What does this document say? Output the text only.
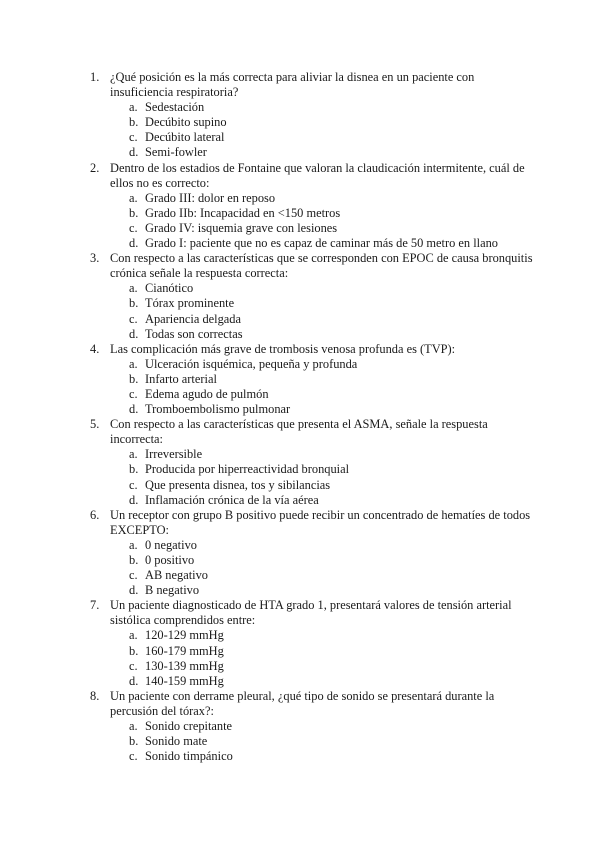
1. ¿Qué posición es la más correcta para aliviar la disnea en un paciente con insuficiencia respiratoria?
a. Sedestación
b. Decúbito supino
c. Decúbito lateral
d. Semi-fowler
2. Dentro de los estadios de Fontaine que valoran la claudicación intermitente, cuál de ellos no es correcto:
a. Grado III: dolor en reposo
b. Grado IIb: Incapacidad en <150 metros
c. Grado IV: isquemia grave con lesiones
d. Grado I: paciente que no es capaz de caminar más de 50 metro en llano
3. Con respecto a las características que se corresponden con EPOC de causa bronquitis crónica señale la respuesta correcta:
a. Cianótico
b. Tórax prominente
c. Apariencia delgada
d. Todas son correctas
4. Las complicación más grave de trombosis venosa profunda es (TVP):
a. Ulceración isquémica, pequeña y profunda
b. Infarto arterial
c. Edema agudo de pulmón
d. Tromboembolismo pulmonar
5. Con respecto a las características que presenta el ASMA, señale la respuesta incorrecta:
a. Irreversible
b. Producida por hiperreactividad bronquial
c. Que presenta disnea, tos y sibilancias
d. Inflamación crónica de la vía aérea
6. Un receptor con grupo B positivo puede recibir un concentrado de hematíes de todos EXCEPTO:
a. 0 negativo
b. 0 positivo
c. AB negativo
d. B negativo
7. Un paciente diagnosticado de HTA grado 1, presentará valores de tensión arterial sistólica comprendidos entre:
a. 120-129 mmHg
b. 160-179 mmHg
c. 130-139 mmHg
d. 140-159 mmHg
8. Un paciente con derrame pleural, ¿qué tipo de sonido se presentará durante la percusión del tórax?:
a. Sonido crepitante
b. Sonido mate
c. Sonido timpánico
